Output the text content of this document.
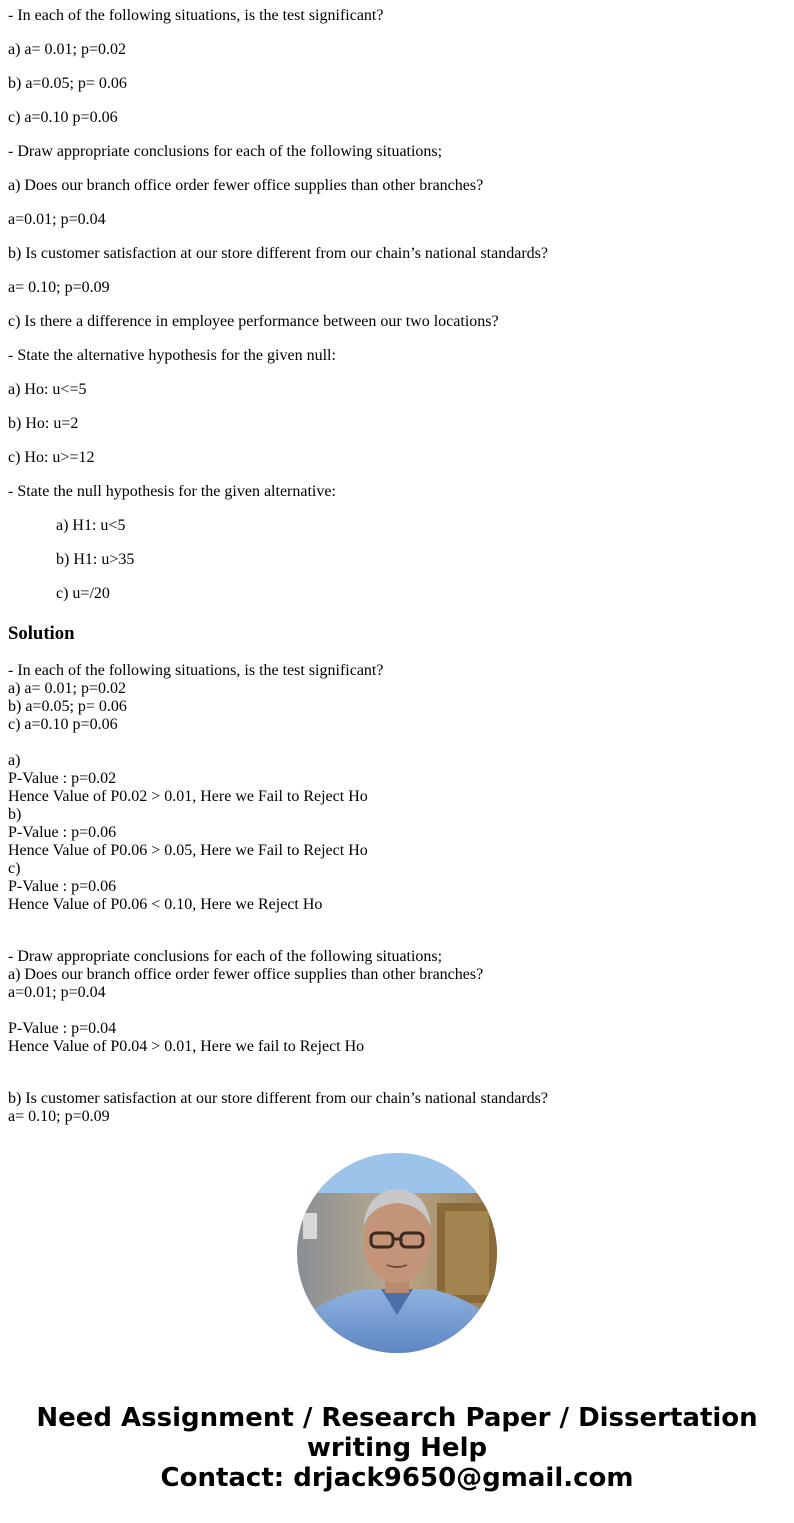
- In each of the following situations, is the test significant?

a) a= 0.01; p=0.02

b) a=0.05; p= 0.06

c) a=0.10 p=0.06

- Draw appropriate conclusions for each of the following situations;

a) Does our branch office order fewer office supplies than other branches?

a=0.01; p=0.04

b) Is customer satisfaction at our store different from our chain’s national standards?

a= 0.10; p=0.09

c) Is there a difference in employee performance between our two locations?

- State the alternative hypothesis for the given null:

a) Ho: u<=5

b) Ho: u=2

c) Ho: u>=12

- State the null hypothesis for the given alternative:

a) H1: u<5

b) H1: u>35

c) u=/20

Solution
- In each of the following situations, is the test significant?
a) a= 0.01; p=0.02
b) a=0.05; p= 0.06
c) a=0.10 p=0.06
a)
P-Value : p=0.02
Hence Value of P0.02 > 0.01, Here we Fail to Reject Ho
b)
P-Value : p=0.06
Hence Value of P0.06 > 0.05, Here we Fail to Reject Ho
c)
P-Value : p=0.06
Hence Value of P0.06 < 0.10, Here we Reject Ho
- Draw appropriate conclusions for each of the following situations;
a) Does our branch office order fewer office supplies than other branches?
a=0.01; p=0.04
P-Value : p=0.04
Hence Value of P0.04 > 0.01, Here we fail to Reject Ho
b) Is customer satisfaction at our store different from our chain’s national standards?
a= 0.10; p=0.09
Need Assignment / Research Paper / Dissertation
writing Help
Contact: drjack9650@gmail.com
